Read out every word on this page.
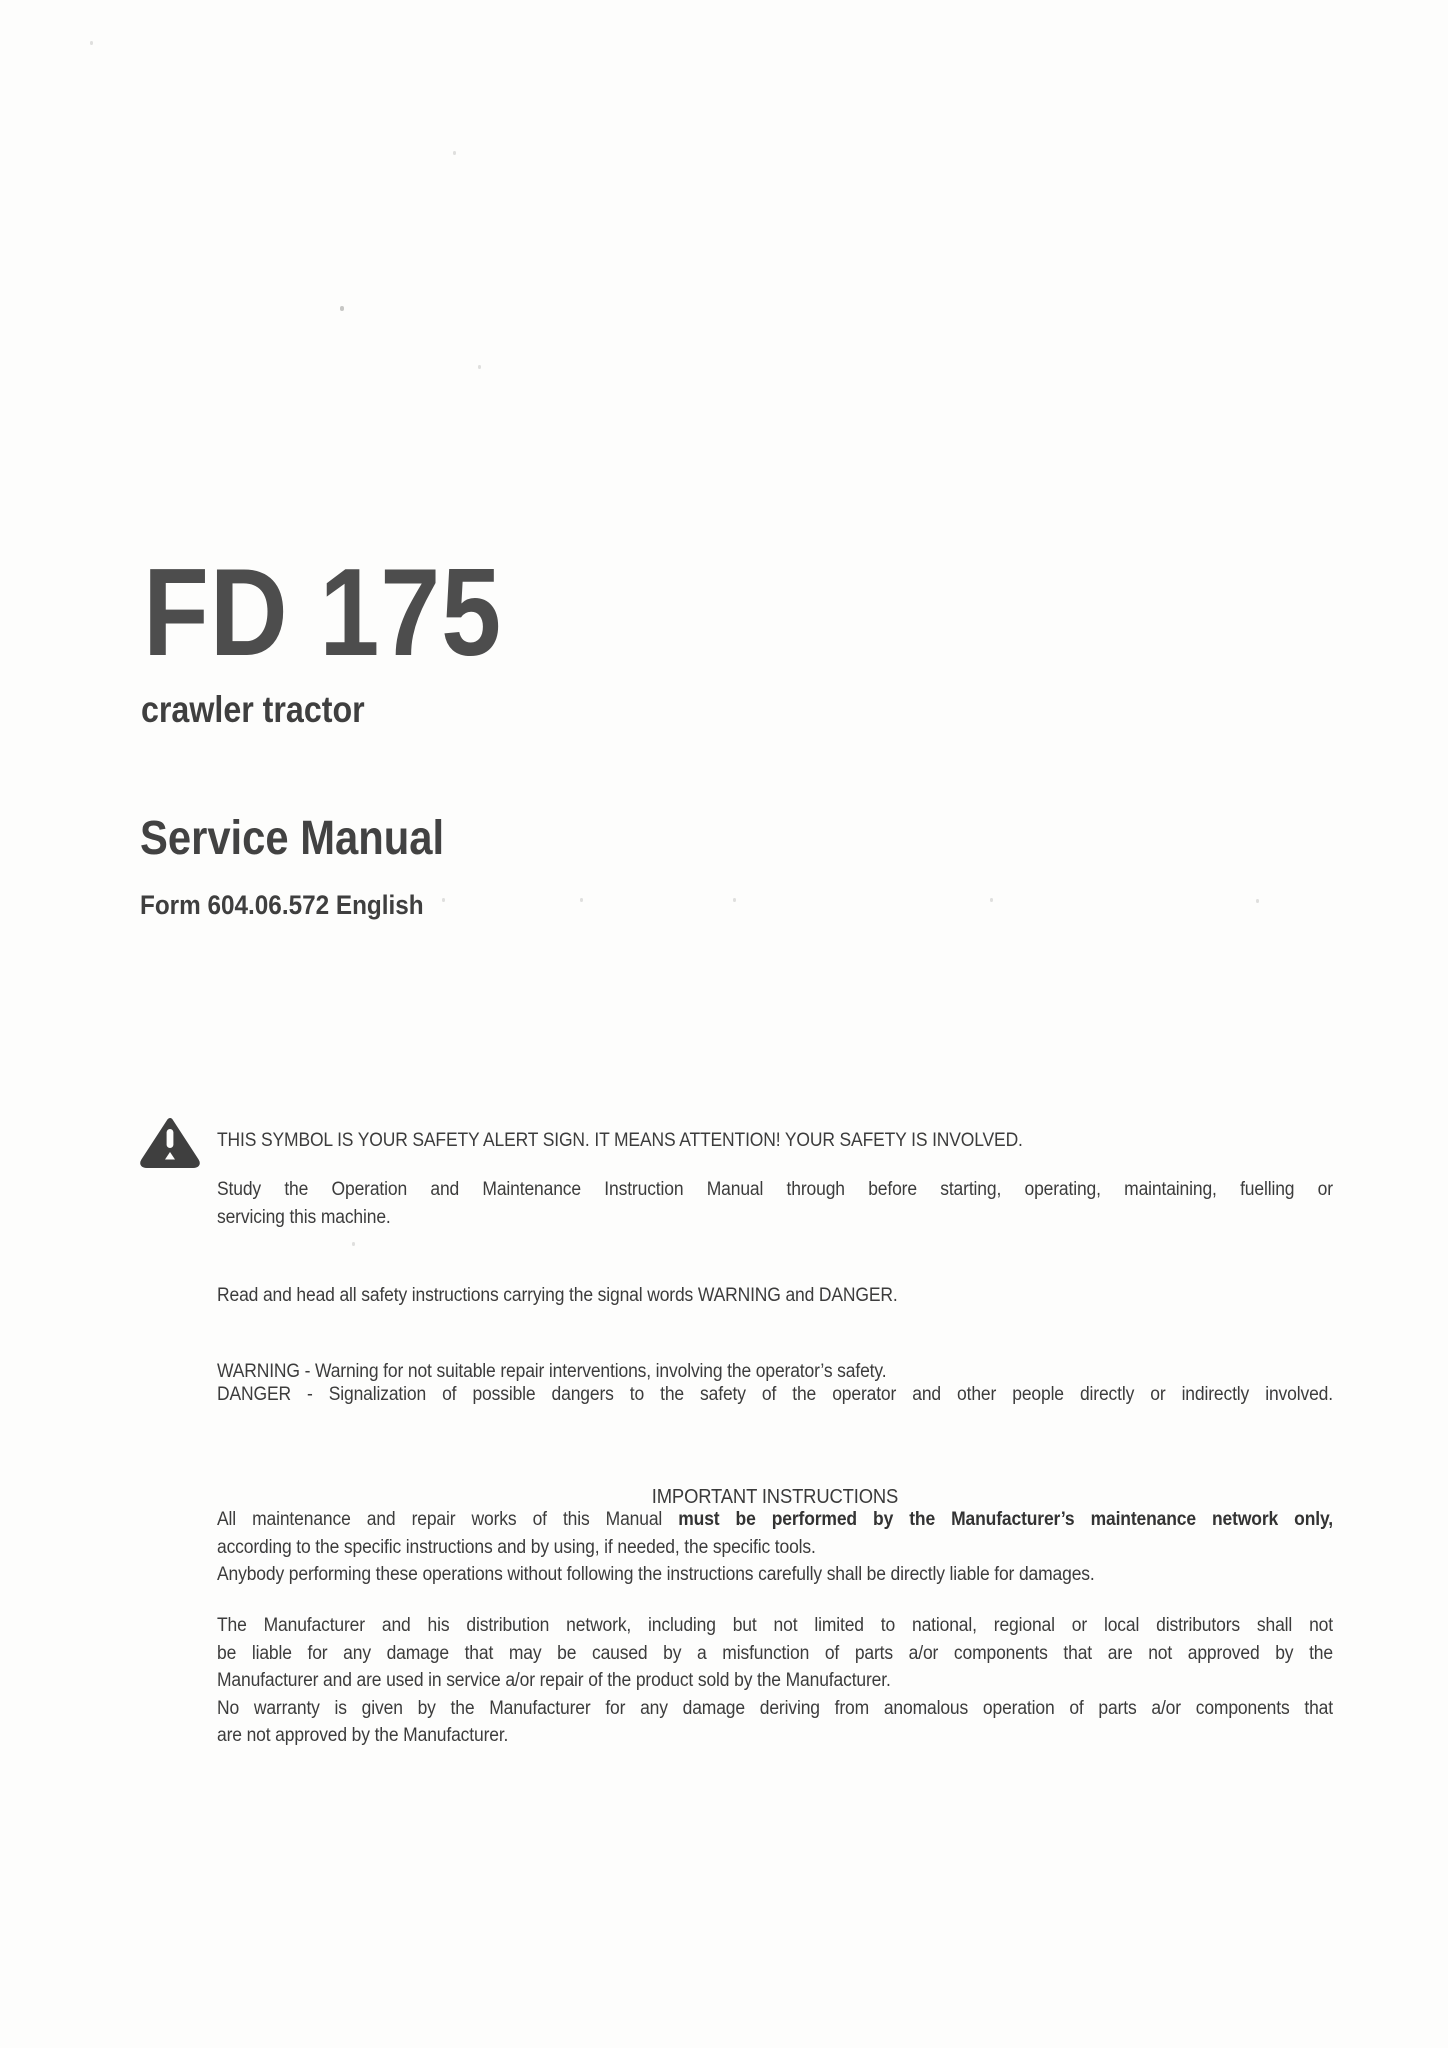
FD 175
crawler tractor
Service Manual
Form 604.06.572 English
THIS SYMBOL IS YOUR SAFETY ALERT SIGN. IT MEANS ATTENTION! YOUR SAFETY IS INVOLVED.
Study the Operation and Maintenance Instruction Manual through before starting, operating, maintaining, fuelling or
servicing this machine.
Read and head all safety instructions carrying the signal words WARNING and DANGER.
WARNING - Warning for not suitable repair interventions, involving the operator’s safety.
DANGER - Signalization of possible dangers to the safety of the operator and other people directly or indirectly involved.
IMPORTANT INSTRUCTIONS
All maintenance and repair works of this Manual must be performed by the Manufacturer’s maintenance network only,
according to the specific instructions and by using, if needed, the specific tools.
Anybody performing these operations without following the instructions carefully shall be directly liable for damages.
The Manufacturer and his distribution network, including but not limited to national, regional or local distributors shall not
be liable for any damage that may be caused by a misfunction of parts a/or components that are not approved by the
Manufacturer and are used in service a/or repair of the product sold by the Manufacturer.
No warranty is given by the Manufacturer for any damage deriving from anomalous operation of parts a/or components that
are not approved by the Manufacturer.
